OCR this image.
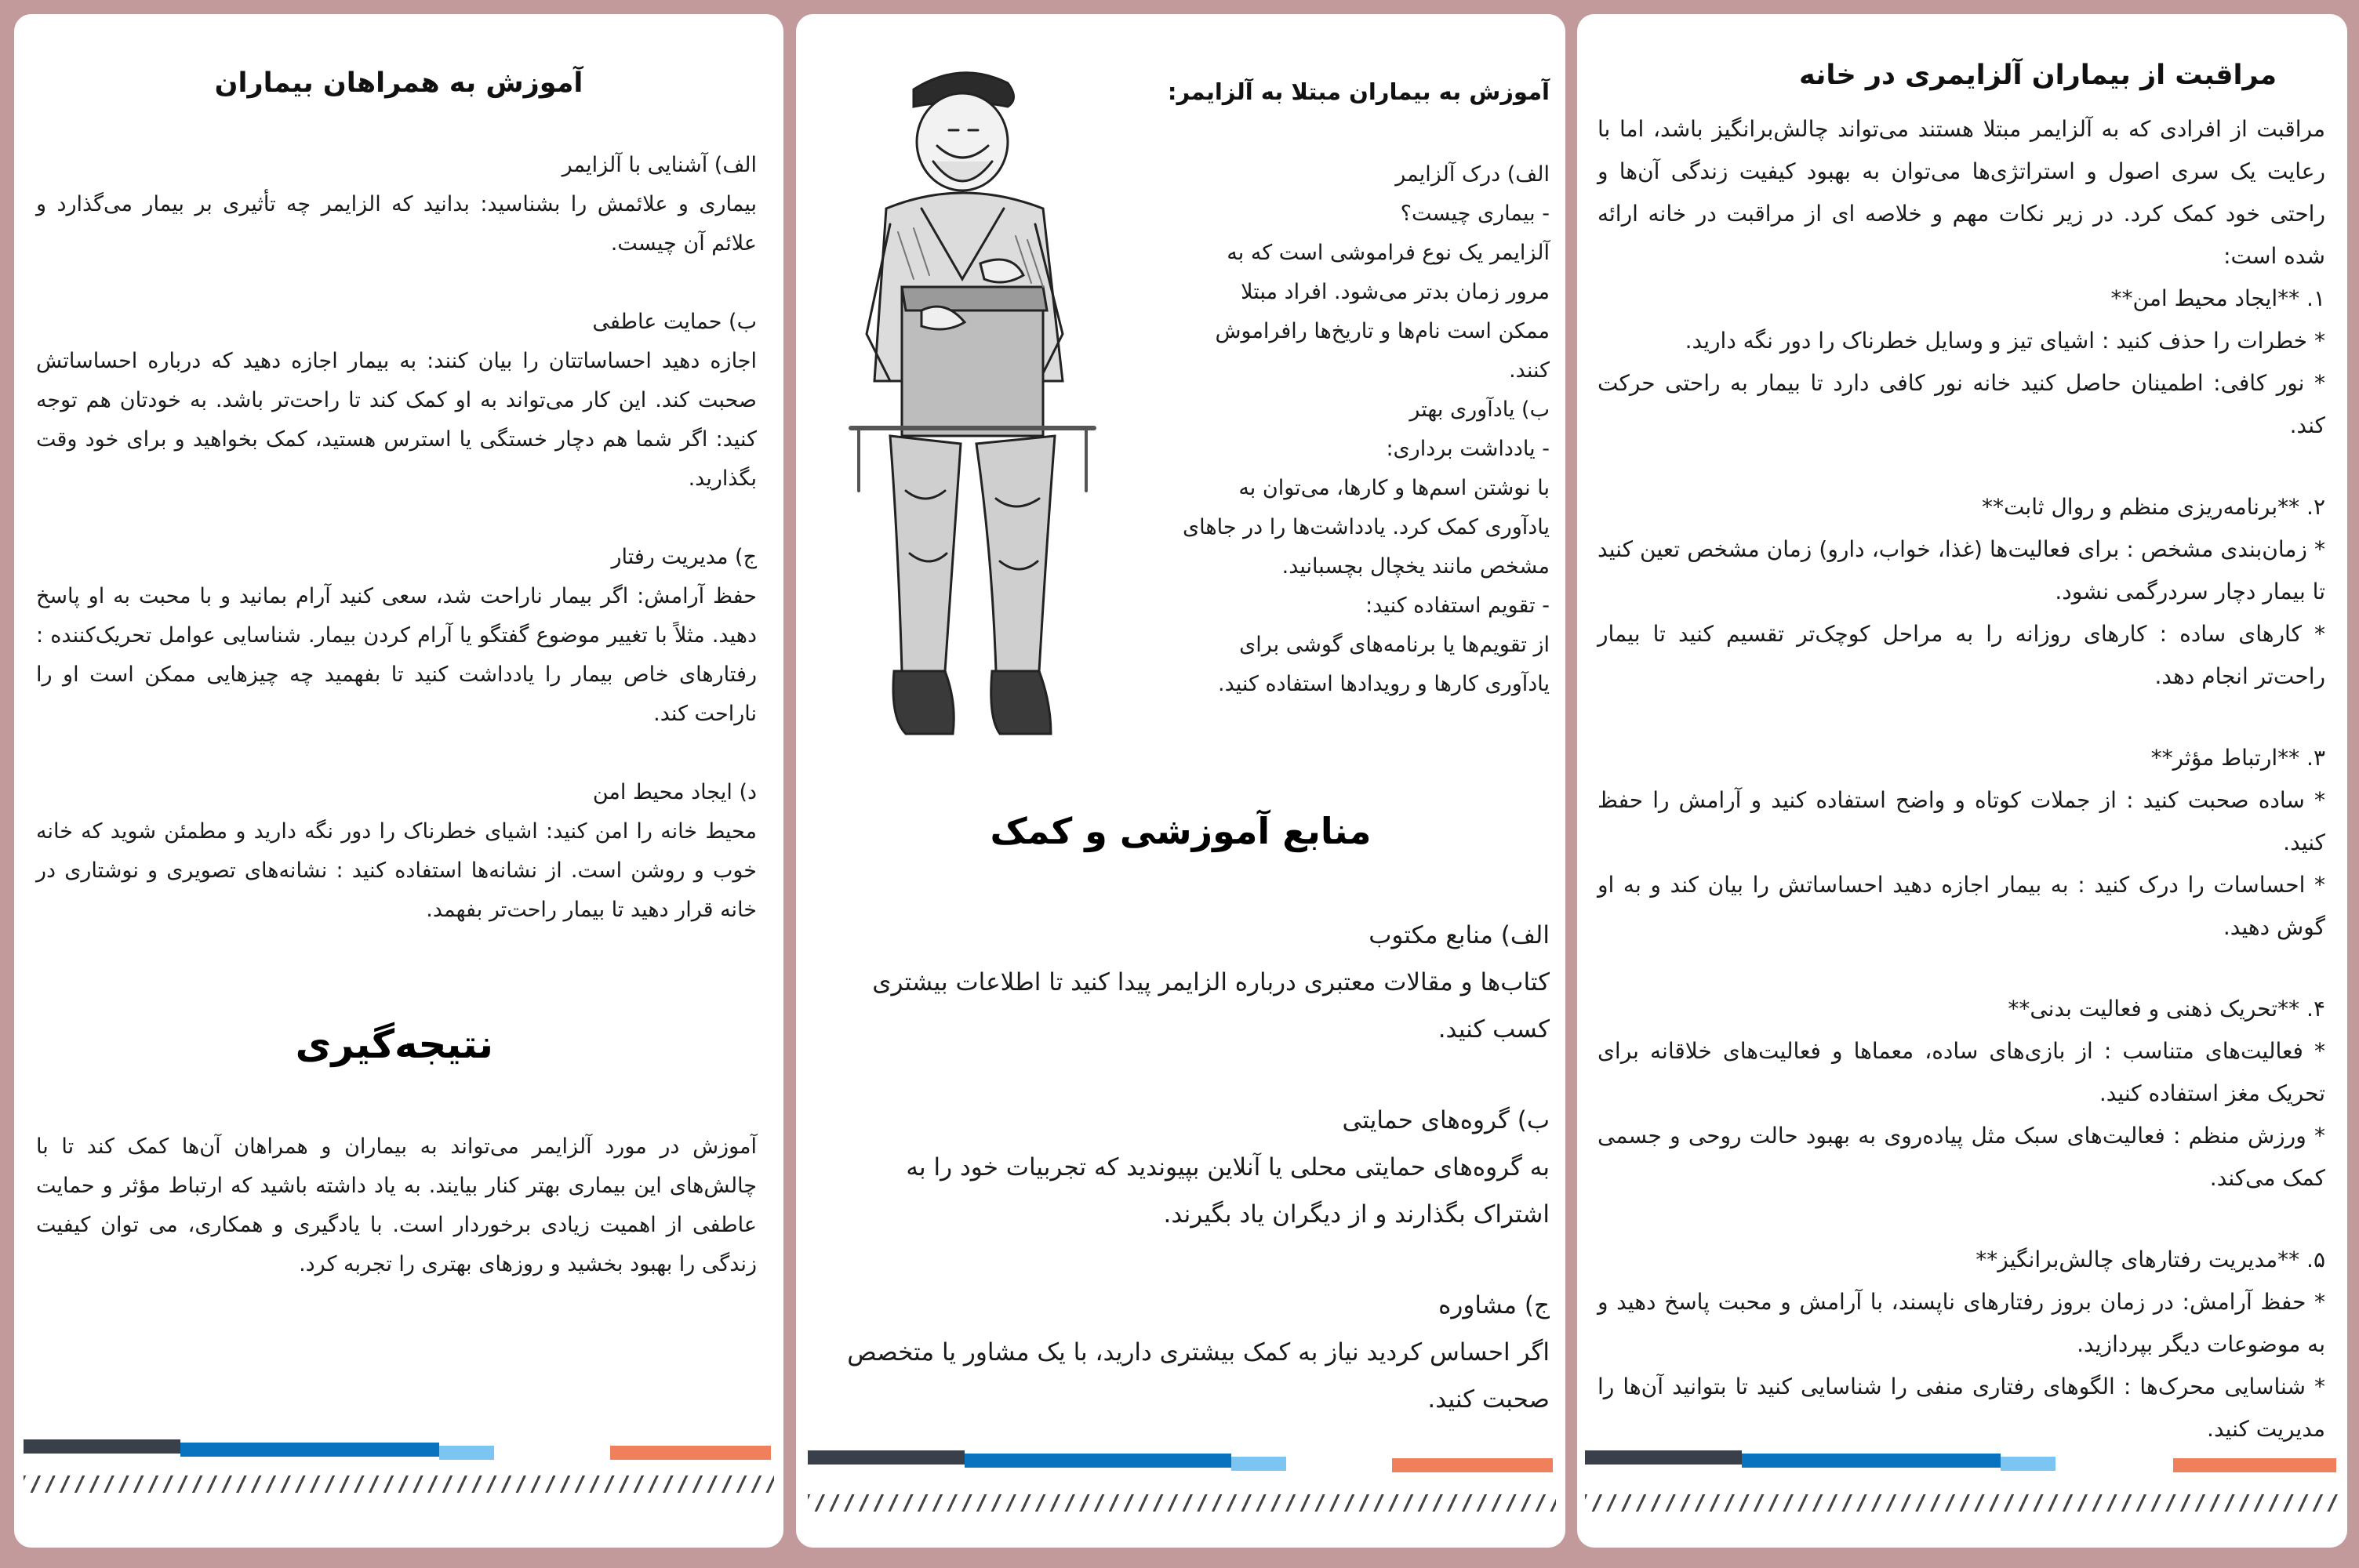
مراقبت از بیماران آلزایمری در خانه

مراقبت از افرادی که به آلزایمر مبتلا هستند می‌تواند چالش‌برانگیز باشد، اما با رعایت یک سری اصول و استراتژی‌ها می‌توان به بهبود کیفیت زندگی آن‌ها و راحتی خود کمک کرد. در زیر نکات مهم و خلاصه ای از مراقبت در خانه ارائه شده است:

۱. **ایجاد محیط امن**

* خطرات را حذف کنید : اشیای تیز و وسایل خطرناک را دور نگه دارید.

* نور کافی: اطمینان حاصل کنید خانه نور کافی دارد تا بیمار به راحتی حرکت کند.

۲. **برنامه‌ریزی منظم و روال ثابت**

* زمان‌بندی مشخص : برای فعالیت‌ها (غذا، خواب، دارو) زمان مشخص تعین کنید تا بیمار دچار سردرگمی نشود.

* کارهای ساده : کارهای روزانه را به مراحل کوچک‌تر تقسیم کنید تا بیمار راحت‌تر انجام دهد.

۳. **ارتباط مؤثر**

* ساده صحبت کنید : از جملات کوتاه و واضح استفاده کنید و آرامش را حفظ کنید.

* احساسات را درک کنید : به بیمار اجازه دهید احساساتش را بیان کند و به او گوش دهید.

۴. **تحریک ذهنی و فعالیت بدنی**

* فعالیت‌های متناسب : از بازی‌های ساده، معماها و فعالیت‌های خلاقانه برای تحریک مغز استفاده کنید.

* ورزش منظم : فعالیت‌های سبک مثل پیاده‌روی به بهبود حالت روحی و جسمی کمک می‌کند.

۵. **مدیریت رفتارهای چالش‌برانگیز**

* حفظ آرامش: در زمان بروز رفتارهای ناپسند، با آرامش و محبت پاسخ دهید و به موضوعات دیگر بپردازید.

* شناسایی محرک‌ها : الگوهای رفتاری منفی را شناسایی کنید تا بتوانید آن‌ها را مدیریت کنید.

آموزش به بیماران مبتلا به آلزایمر:

الف) درک آلزایمر

- بیماری چیست؟

آلزایمر یک نوع فراموشی است که به

مرور زمان بدتر می‌شود. افراد مبتلا

ممکن است نام‌ها و تاریخ‌ها رافراموش

کنند.

ب) یادآوری بهتر

- یادداشت برداری:

با نوشتن اسم‌ها و کارها، می‌توان به

یادآوری کمک کرد. یادداشت‌ها را در جاهای

مشخص مانند یخچال بچسبانید.

- تقویم استفاده کنید:

از تقویم‌ها یا برنامه‌های گوشی برای

یادآوری کارها و رویدادها استفاده کنید.

منابع آموزشی و کمک

الف) منابع مکتوب

کتاب‌ها و مقالات معتبری درباره الزایمر پیدا کنید تا اطلاعات بیشتری کسب کنید.

ب) گروه‌های حمایتی

به گروه‌های حمایتی محلی یا آنلاین بپیوندید که تجربیات خود را به اشتراک بگذارند و از دیگران یاد بگیرند.

ج) مشاوره

اگر احساس کردید نیاز به کمک بیشتری دارید، با یک مشاور یا متخصص صحبت کنید.

آموزش به همراهان بیماران

الف) آشنایی با آلزایمر

بیماری و علائمش را بشناسید: بدانید که الزایمر چه تأثیری بر بیمار می‌گذارد و علائم آن چیست.

ب) حمایت عاطفی

اجازه دهید احساساتتان را بیان کنند: به بیمار اجازه دهید که درباره احساساتش صحبت کند. این کار می‌تواند به او کمک کند تا راحت‌تر باشد. به خودتان هم توجه کنید: اگر شما هم دچار خستگی یا استرس هستید، کمک بخواهید و برای خود وقت بگذارید.

ج) مدیریت رفتار

حفظ آرامش: اگر بیمار ناراحت شد، سعی کنید آرام بمانید و با محبت به او پاسخ دهید. مثلاً با تغییر موضوع گفتگو یا آرام کردن بیمار. شناسایی عوامل تحریک‌کننده : رفتارهای خاص بیمار را یادداشت کنید تا بفهمید چه چیزهایی ممکن است او را ناراحت کند.

د) ایجاد محیط امن

محیط خانه را امن کنید: اشیای خطرناک را دور نگه دارید و مطمئن شوید که خانه خوب و روشن است. از نشانه‌ها استفاده کنید : نشانه‌های تصویری و نوشتاری در خانه قرار دهید تا بیمار راحت‌تر بفهمد.

نتیجه‌گیری
آموزش در مورد آلزایمر می‌تواند به بیماران و همراهان آن‌ها کمک کند تا با چالش‌های این بیماری بهتر کنار بیایند. به یاد داشته باشید که ارتباط مؤثر و حمایت عاطفی از اهمیت زیادی برخوردار است. با یادگیری و همکاری، می توان کیفیت زندگی را بهبود بخشید و روزهای بهتری را تجربه کرد.
